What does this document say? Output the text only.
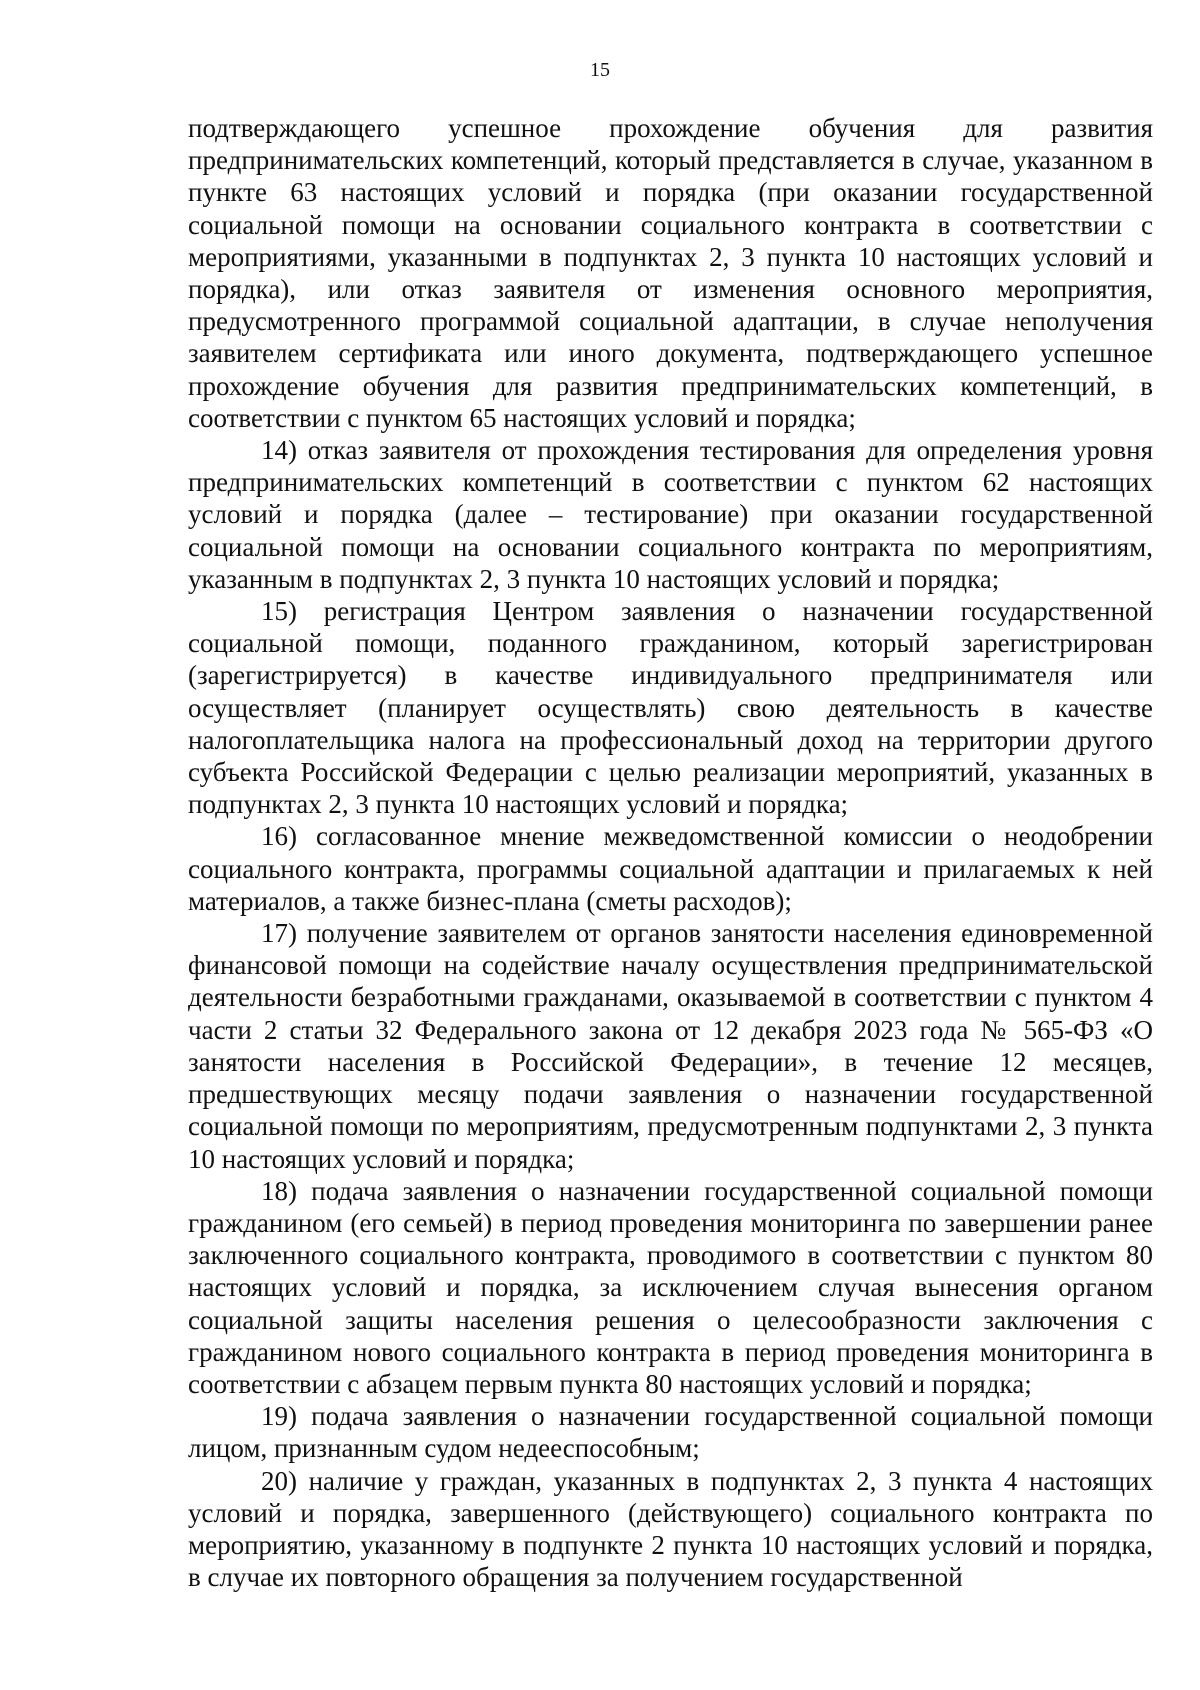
15

подтверждающего успешное прохождение обучения для развития предпринимательских компетенций, который представляется в случае, указанном в пункте 63 настоящих условий и порядка (при оказании государственной социальной помощи на основании социального контракта в соответствии с мероприятиями, указанными в подпунктах 2, 3 пункта 10 настоящих условий и порядка), или отказ заявителя от изменения основного мероприятия, предусмотренного программой социальной адаптации, в случае неполучения заявителем сертификата или иного документа, подтверждающего успешное прохождение обучения для развития предпринимательских компетенций, в соответствии с пунктом 65 настоящих условий и порядка;

14) отказ заявителя от прохождения тестирования для определения уровня предпринимательских компетенций в соответствии с пунктом 62 настоящих условий и порядка (далее – тестирование) при оказании государственной социальной помощи на основании социального контракта по мероприятиям, указанным в подпунктах 2, 3 пункта 10 настоящих условий и порядка;

15) регистрация Центром заявления о назначении государственной социальной помощи, поданного гражданином, который зарегистрирован (зарегистрируется) в качестве индивидуального предпринимателя или осуществляет (планирует осуществлять) свою деятельность в качестве налогоплательщика налога на профессиональный доход на территории другого субъекта Российской Федерации с целью реализации мероприятий, указанных в подпунктах 2, 3 пункта 10 настоящих условий и порядка;

16) согласованное мнение межведомственной комиссии о неодобрении социального контракта, программы социальной адаптации и прилагаемых к ней материалов, а также бизнес-плана (сметы расходов);

17) получение заявителем от органов занятости населения единовременной финансовой помощи на содействие началу осуществления предпринимательской деятельности безработными гражданами, оказываемой в соответствии с пунктом 4 части 2 статьи 32 Федерального закона от 12 декабря 2023 года № 565-ФЗ «О занятости населения в Российской Федерации», в течение 12 месяцев, предшествующих месяцу подачи заявления о назначении государственной социальной помощи по мероприятиям, предусмотренным подпунктами 2, 3 пункта 10 настоящих условий и порядка;

18) подача заявления о назначении государственной социальной помощи гражданином (его семьей) в период проведения мониторинга по завершении ранее заключенного социального контракта, проводимого в соответствии с пунктом 80 настоящих условий и порядка, за исключением случая вынесения органом социальной защиты населения решения о целесообразности заключения с гражданином нового социального контракта в период проведения мониторинга в соответствии с абзацем первым пункта 80 настоящих условий и порядка;

19) подача заявления о назначении государственной социальной помощи лицом, признанным судом недееспособным;

20) наличие у граждан, указанных в подпунктах 2, 3 пункта 4 настоящих условий и порядка, завершенного (действующего) социального контракта по мероприятию, указанному в подпункте 2 пункта 10 настоящих условий и порядка, в случае их повторного обращения за получением государственной
